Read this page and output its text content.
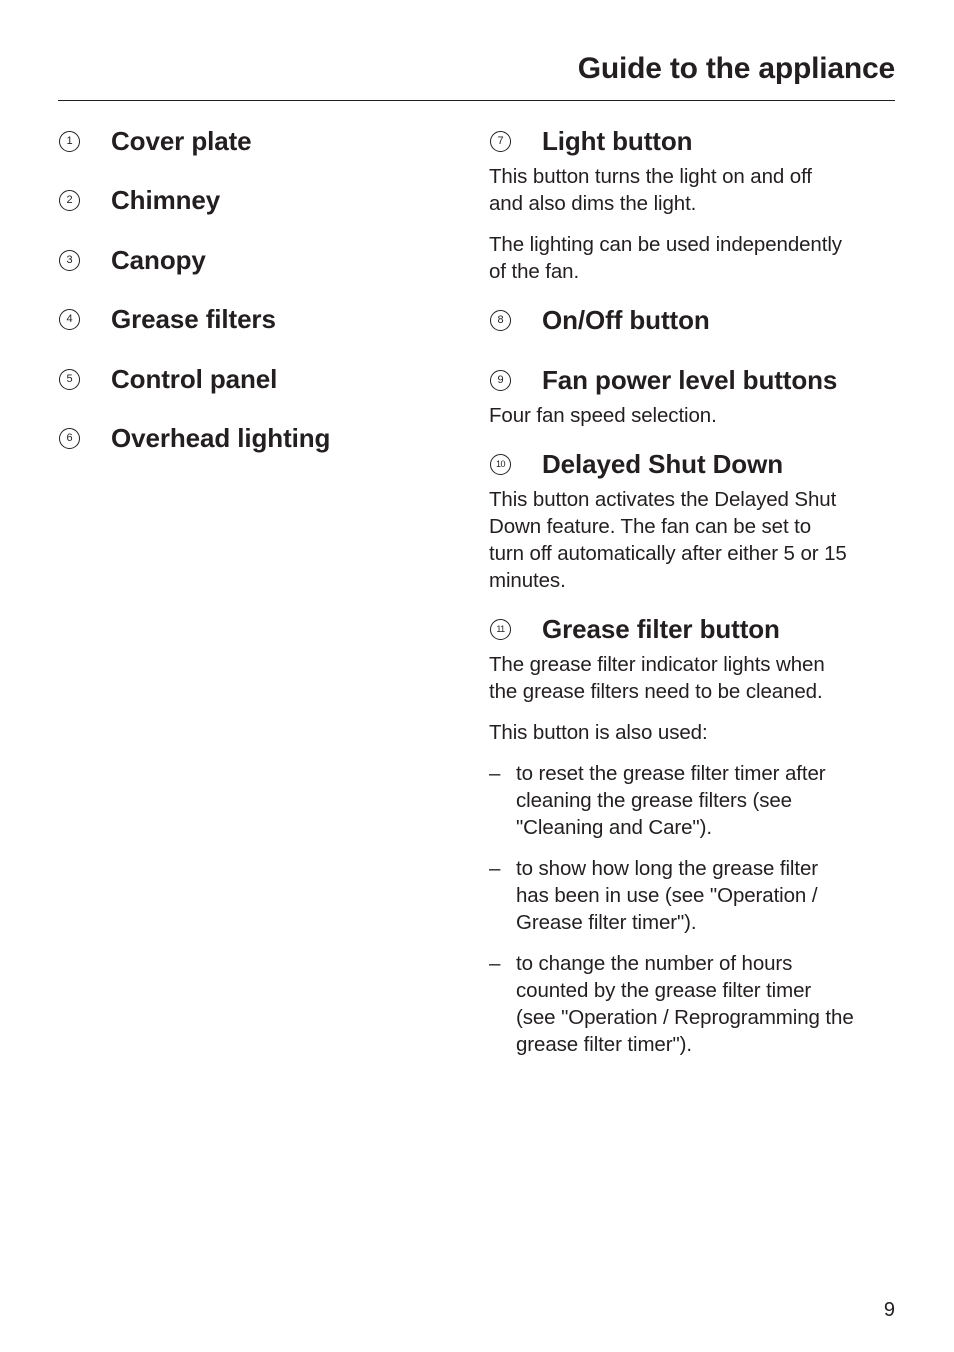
Guide to the appliance
1 Cover plate
2 Chimney
3 Canopy
4 Grease filters
5 Control panel
6 Overhead lighting
7 Light button

This button turns the light on and off
and also dims the light.

The lighting can be used independently
of the fan.

8 On/Off button
9 Fan power level buttons

Four fan speed selection.

10 Delayed Shut Down

This button activates the Delayed Shut
Down feature. The fan can be set to
turn off automatically after either 5 or 15
minutes.

11 Grease filter button

The grease filter indicator lights when
the grease filters need to be cleaned.

This button is also used:

– to reset the grease filter timer after
cleaning the grease filters (see
"Cleaning and Care").

– to show how long the grease filter
has been in use (see "Operation /
Grease filter timer").

– to change the number of hours
counted by the grease filter timer
(see "Operation / Reprogramming the
grease filter timer").

9
